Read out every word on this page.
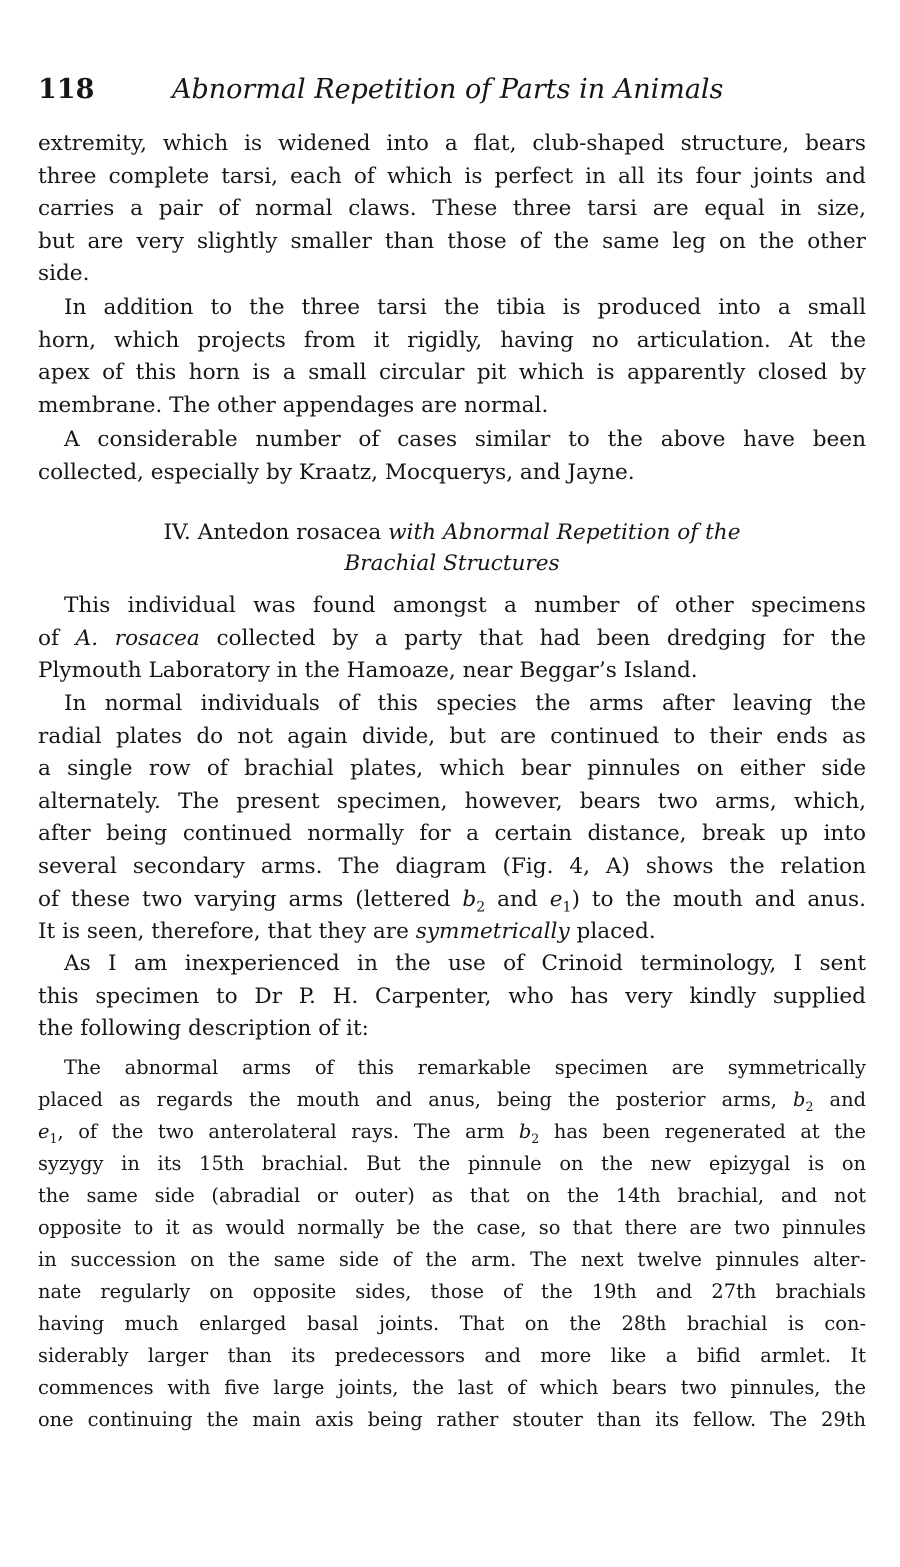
118	Abnormal Repetition of Parts in Animals
extremity, which is widened into a flat, club-shaped structure, bears
three complete tarsi, each of which is perfect in all its four joints and
carries a pair of normal claws. These three tarsi are equal in size,
but are very slightly smaller than those of the same leg on the other
side.
In addition to the three tarsi the tibia is produced into a small
horn, which projects from it rigidly, having no articulation. At the
apex of this horn is a small circular pit which is apparently closed by
membrane. The other appendages are normal.
A considerable number of cases similar to the above have been
collected, especially by Kraatz, Mocquerys, and Jayne.
IV. Antedon rosacea with Abnormal Repetition of the
Brachial Structures
This individual was found amongst a number of other specimens
of A. rosacea collected by a party that had been dredging for the
Plymouth Laboratory in the Hamoaze, near Beggar’s Island.
In normal individuals of this species the arms after leaving the
radial plates do not again divide, but are continued to their ends as
a single row of brachial plates, which bear pinnules on either side
alternately. The present specimen, however, bears two arms, which,
after being continued normally for a certain distance, break up into
several secondary arms. The diagram (Fig. 4, A) shows the relation
of these two varying arms (lettered $b_2$ and $e_1$) to the mouth and anus.
It is seen, therefore, that they are symmetrically placed.
As I am inexperienced in the use of Crinoid terminology, I sent
this specimen to Dr P. H. Carpenter, who has very kindly supplied
the following description of it:
The abnormal arms of this remarkable specimen are symmetrically
placed as regards the mouth and anus, being the posterior arms, $b_2$ and
$e_1$, of the two anterolateral rays. The arm $b_2$ has been regenerated at the
syzygy in its 15th brachial. But the pinnule on the new epizygal is on
the same side (abradial or outer) as that on the 14th brachial, and not
opposite to it as would normally be the case, so that there are two pinnules
in succession on the same side of the arm. The next twelve pinnules alter-
nate regularly on opposite sides, those of the 19th and 27th brachials
having much enlarged basal joints. That on the 28th brachial is con-
siderably larger than its predecessors and more like a bifid armlet. It
commences with five large joints, the last of which bears two pinnules, the
one continuing the main axis being rather stouter than its fellow. The 29th
